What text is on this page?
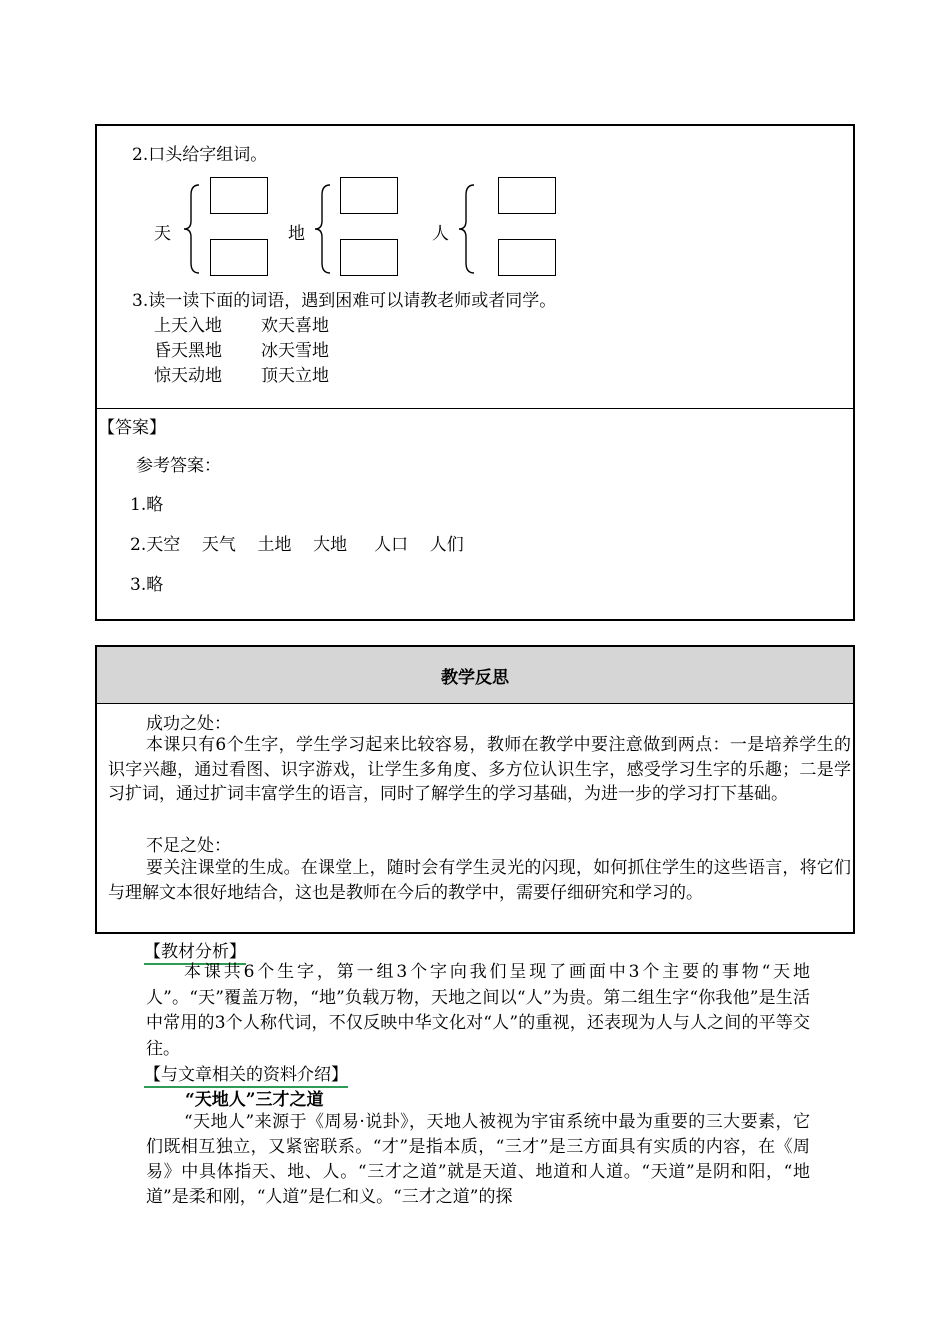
2.口头给字组词。
天	地	人
3.读一读下面的词语，遇到困难可以请教老师或者同学。
上天入地 欢天喜地
昏天黑地 冰天雪地
惊天动地 顶天立地
【答案】
参考答案：
1.略
2.天空    天气    土地    大地     人口    人们
3.略
教学反思
成功之处：
本课只有6个生字，学生学习起来比较容易，教师在教学中要注意做到两点：一是培养学生的识字兴趣，通过看图、识字游戏，让学生多角度、多方位认识生字，感受学习生字的乐趣；二是学习扩词，通过扩词丰富学生的语言，同时了解学生的学习基础，为进一步的学习打下基础。
不足之处：
要关注课堂的生成。在课堂上，随时会有学生灵光的闪现，如何抓住学生的这些语言，将它们与理解文本很好地结合，这也是教师在今后的教学中，需要仔细研究和学习的。
【教材分析】
本课共6个生字，第一组3个字向我们呈现了画面中3个主要的事物“天地人”。“天”覆盖万物，“地”负载万物，天地之间以“人”为贵。第二组生字“你我他”是生活中常用的3个人称代词，不仅反映中华文化对“人”的重视，还表现为人与人之间的平等交往。
【与文章相关的资料介绍】
“天地人”三才之道
“天地人”来源于《周易·说卦》，天地人被视为宇宙系统中最为重要的三大要素，它们既相互独立，又紧密联系。“才”是指本质，“三才”是三方面具有实质的内容，在《周易》中具体指天、地、人。“三才之道”就是天道、地道和人道。“天道”是阴和阳，“地道”是柔和刚，“人道”是仁和义。“三才之道”的探
